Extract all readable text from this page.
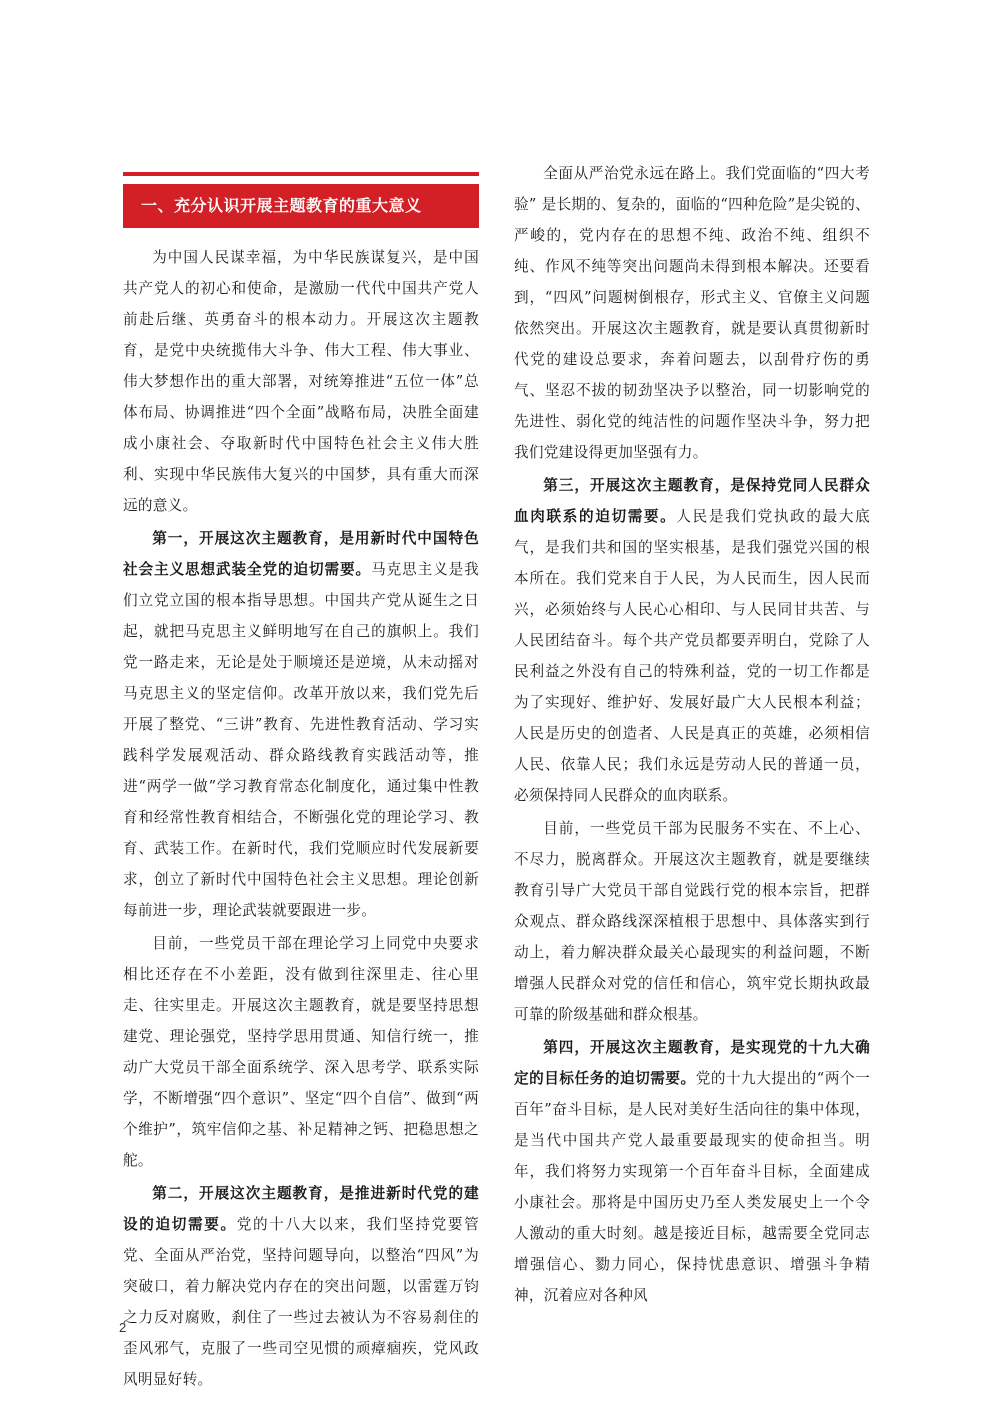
一、充分认识开展主题教育的重大意义

为中国人民谋幸福，为中华民族谋复兴，是中国共产党人的初心和使命，是激励一代代中国共产党人前赴后继、英勇奋斗的根本动力。开展这次主题教育，是党中央统揽伟大斗争、伟大工程、伟大事业、伟大梦想作出的重大部署，对统筹推进“五位一体”总体布局、协调推进“四个全面”战略布局，决胜全面建成小康社会、夺取新时代中国特色社会主义伟大胜利、实现中华民族伟大复兴的中国梦，具有重大而深远的意义。

第一，开展这次主题教育，是用新时代中国特色社会主义思想武装全党的迫切需要。马克思主义是我们立党立国的根本指导思想。中国共产党从诞生之日起，就把马克思主义鲜明地写在自己的旗帜上。我们党一路走来，无论是处于顺境还是逆境，从未动摇对马克思主义的坚定信仰。改革开放以来，我们党先后开展了整党、“三讲”教育、先进性教育活动、学习实践科学发展观活动、群众路线教育实践活动等，推进“两学一做”学习教育常态化制度化，通过集中性教育和经常性教育相结合，不断强化党的理论学习、教育、武装工作。在新时代，我们党顺应时代发展新要求，创立了新时代中国特色社会主义思想。理论创新每前进一步，理论武装就要跟进一步。

目前，一些党员干部在理论学习上同党中央要求相比还存在不小差距，没有做到往深里走、往心里走、往实里走。开展这次主题教育，就是要坚持思想建党、理论强党，坚持学思用贯通、知信行统一，推动广大党员干部全面系统学、深入思考学、联系实际学，不断增强“四个意识”、坚定“四个自信”、做到“两个维护”，筑牢信仰之基、补足精神之钙、把稳思想之舵。

第二，开展这次主题教育，是推进新时代党的建设的迫切需要。党的十八大以来，我们坚持党要管党、全面从严治党，坚持问题导向，以整治“四风”为突破口，着力解决党内存在的突出问题，以雷霆万钧之力反对腐败，刹住了一些过去被认为不容易刹住的歪风邪气，克服了一些司空见惯的顽瘴痼疾，党风政风明显好转。

全面从严治党永远在路上。我们党面临的“四大考验” 是长期的、复杂的，面临的“四种危险”是尖锐的、严峻的，党内存在的思想不纯、政治不纯、组织不纯、作风不纯等突出问题尚未得到根本解决。还要看到，“四风”问题树倒根存，形式主义、官僚主义问题依然突出。开展这次主题教育，就是要认真贯彻新时代党的建设总要求，奔着问题去，以刮骨疗伤的勇气、坚忍不拔的韧劲坚决予以整治，同一切影响党的先进性、弱化党的纯洁性的问题作坚决斗争，努力把我们党建设得更加坚强有力。

第三，开展这次主题教育，是保持党同人民群众血肉联系的迫切需要。人民是我们党执政的最大底气，是我们共和国的坚实根基，是我们强党兴国的根本所在。我们党来自于人民，为人民而生，因人民而兴，必须始终与人民心心相印、与人民同甘共苦、与人民团结奋斗。每个共产党员都要弄明白，党除了人民利益之外没有自己的特殊利益，党的一切工作都是为了实现好、维护好、发展好最广大人民根本利益；人民是历史的创造者、人民是真正的英雄，必须相信人民、依靠人民；我们永远是劳动人民的普通一员，必须保持同人民群众的血肉联系。

目前，一些党员干部为民服务不实在、不上心、不尽力，脱离群众。开展这次主题教育，就是要继续教育引导广大党员干部自觉践行党的根本宗旨，把群众观点、群众路线深深植根于思想中、具体落实到行动上，着力解决群众最关心最现实的利益问题，不断增强人民群众对党的信任和信心，筑牢党长期执政最可靠的阶级基础和群众根基。

第四，开展这次主题教育，是实现党的十九大确定的目标任务的迫切需要。党的十九大提出的“两个一百年”奋斗目标，是人民对美好生活向往的集中体现，是当代中国共产党人最重要最现实的使命担当。明年，我们将努力实现第一个百年奋斗目标，全面建成小康社会。那将是中国历史乃至人类发展史上一个令人激动的重大时刻。越是接近目标，越需要全党同志增强信心、勠力同心，保持忧患意识、增强斗争精神，沉着应对各种风

2
